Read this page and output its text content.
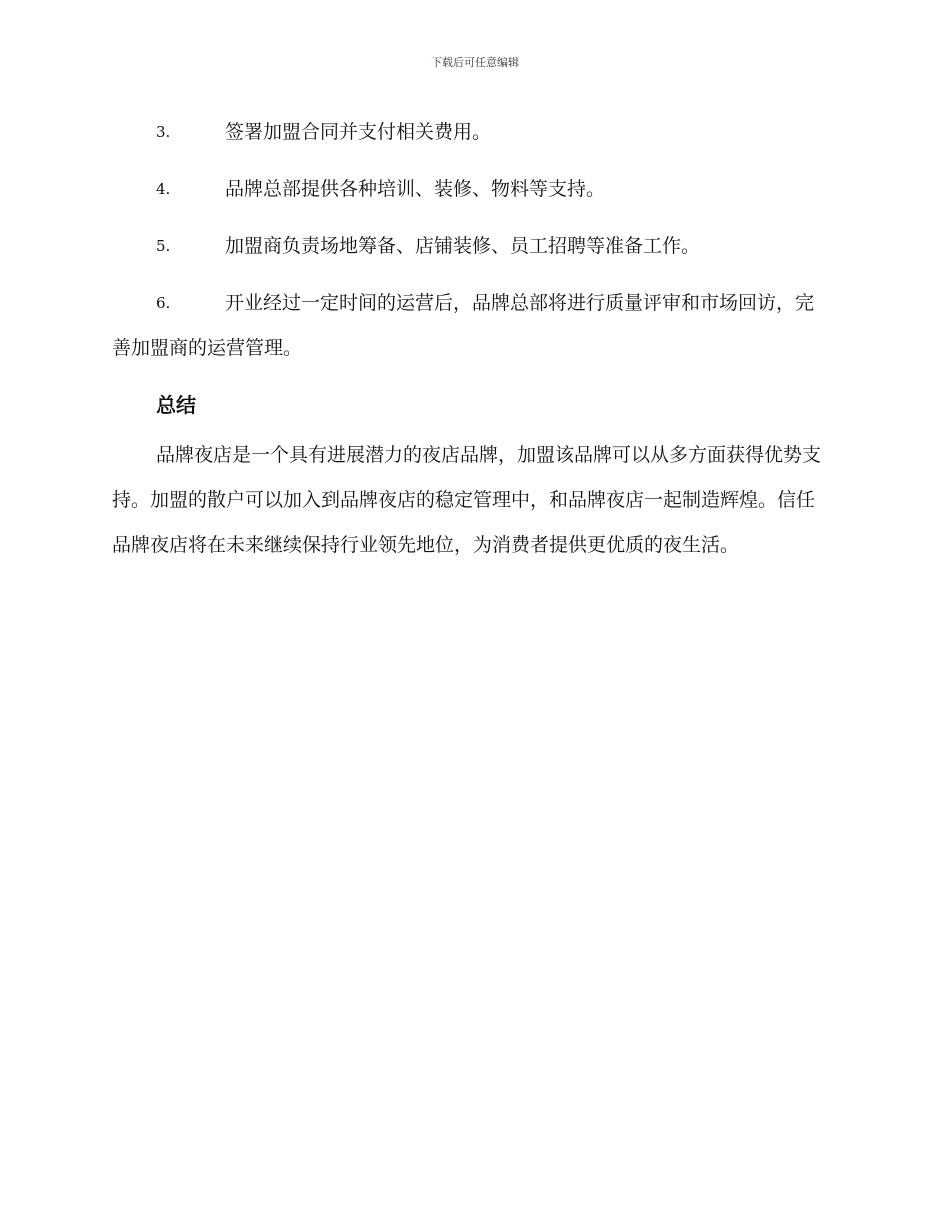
下载后可任意编辑
3.	签署加盟合同并支付相关费用。
4.	品牌总部提供各种培训、装修、物料等支持。
5.	加盟商负责场地筹备、店铺装修、员工招聘等准备工作。
6.	开业经过一定时间的运营后，品牌总部将进行质量评审和市场回访，完善加盟商的运营管理。
总结

品牌夜店是一个具有进展潜力的夜店品牌，加盟该品牌可以从多方面获得优势支持。加盟的散户可以加入到品牌夜店的稳定管理中，和品牌夜店一起制造辉煌。信任品牌夜店将在未来继续保持行业领先地位，为消费者提供更优质的夜生活。
